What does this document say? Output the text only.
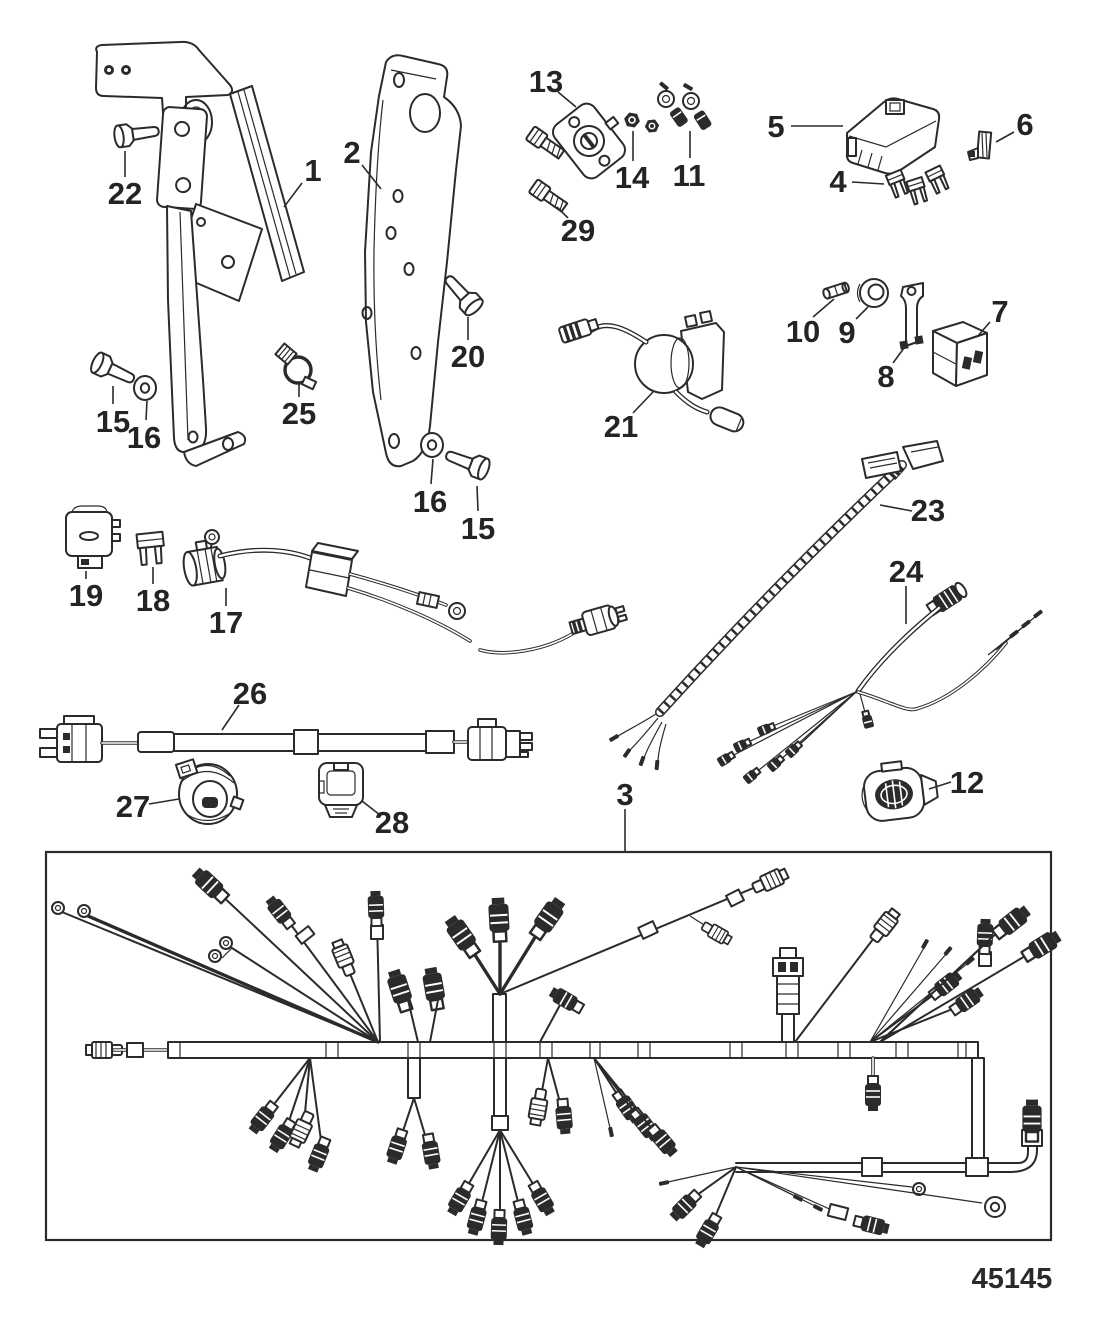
1
2
3
4
5	6
7
8
9
10
11
12
13
14
15
16
16
15
17
18
19
20
21
22
23
24
25
26
27	28
29
45145
